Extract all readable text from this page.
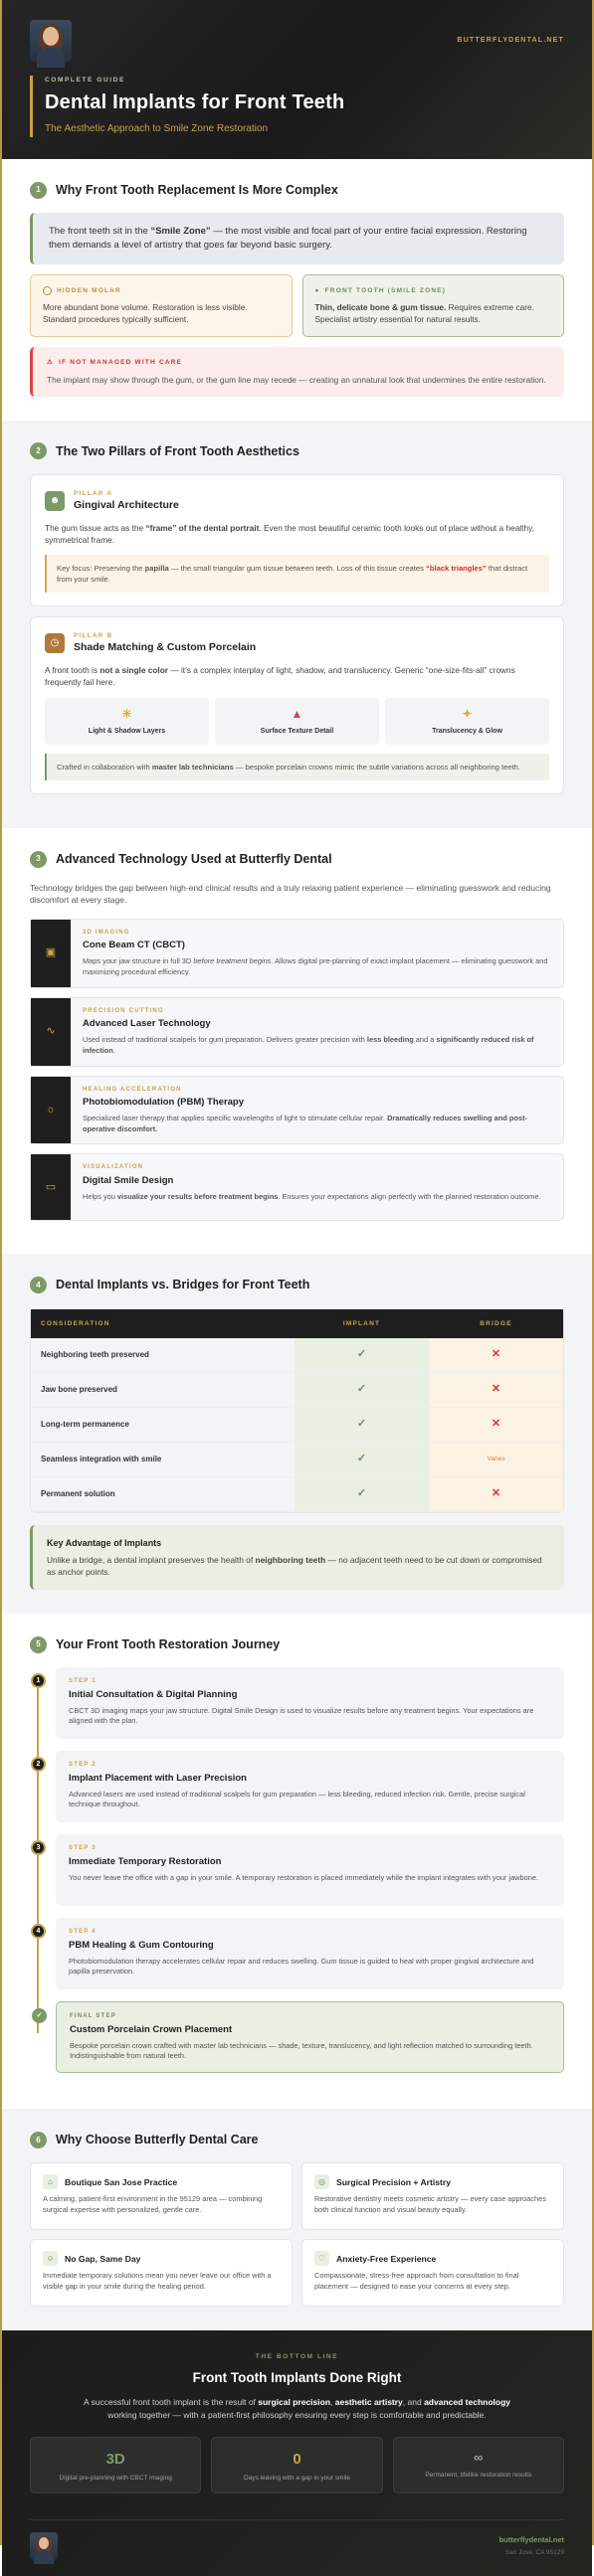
BUTTERFLYDENTAL.NET
COMPLETE GUIDE
Dental Implants for Front Teeth
The Aesthetic Approach to Smile Zone Restoration
1	Why Front Tooth Replacement Is More Complex
The front teeth sit in the “Smile Zone” — the most visible and focal part of your entire facial expression. Restoring them demands a level of artistry that goes far beyond basic surgery.
HIDDEN MOLAR
More abundant bone volume. Restoration is less visible. Standard procedures typically sufficient.
● FRONT TOOTH (SMILE ZONE)
Thin, delicate bone & gum tissue. Requires extreme care. Specialist artistry essential for natural results.
⚠ IF NOT MANAGED WITH CARE
The implant may show through the gum, or the gum line may recede — creating an unnatural look that undermines the entire restoration.
2	The Two Pillars of Front Tooth Aesthetics
☻
PILLAR A
Gingival Architecture

The gum tissue acts as the “frame” of the dental portrait. Even the most beautiful ceramic tooth looks out of place without a healthy, symmetrical frame.

Key focus: Preserving the papilla — the small triangular gum tissue between teeth. Loss of this tissue creates “black triangles” that distract from your smile.
◷
PILLAR B
Shade Matching & Custom Porcelain

A front tooth is not a single color — it’s a complex interplay of light, shadow, and translucency. Generic “one-size-fits-all” crowns frequently fail here.

☀
Light & Shadow Layers
▲
Surface Texture Detail
✦
Translucency & Glow
Crafted in collaboration with master lab technicians — bespoke porcelain crowns mimic the subtle variations across all neighboring teeth.
3	Advanced Technology Used at Butterfly Dental
Technology bridges the gap between high-end clinical results and a truly relaxing patient experience — eliminating guesswork and reducing discomfort at every stage.
▣
3D IMAGING
Cone Beam CT (CBCT)

Maps your jaw structure in full 3D before treatment begins. Allows digital pre-planning of exact implant placement — eliminating guesswork and maximizing procedural efficiency.

∿
PRECISION CUTTING
Advanced Laser Technology

Used instead of traditional scalpels for gum preparation. Delivers greater precision with less bleeding and a significantly reduced risk of infection.

☼
HEALING ACCELERATION
Photobiomodulation (PBM) Therapy

Specialized laser therapy that applies specific wavelengths of light to stimulate cellular repair. Dramatically reduces swelling and post-operative discomfort.

▭
VISUALIZATION
Digital Smile Design

Helps you visualize your results before treatment begins. Ensures your expectations align perfectly with the planned restoration outcome.

4	Dental Implants vs. Bridges for Front Teeth
CONSIDERATION	IMPLANT	BRIDGE
Neighboring teeth preserved	✓	✕
Jaw bone preserved	✓	✕
Long-term permanence	✓	✕
Seamless integration with smile	✓	Varies
Permanent solution	✓	✕
Key Advantage of Implants
Unlike a bridge, a dental implant preserves the health of neighboring teeth — no adjacent teeth need to be cut down or compromised as anchor points.
5	Your Front Tooth Restoration Journey
1	STEP 1
Initial Consultation & Digital Planning

CBCT 3D imaging maps your jaw structure. Digital Smile Design is used to visualize results before any treatment begins. Your expectations are aligned with the plan.

2	STEP 2
Implant Placement with Laser Precision

Advanced lasers are used instead of traditional scalpels for gum preparation — less bleeding, reduced infection risk. Gentle, precise surgical technique throughout.

3	STEP 3
Immediate Temporary Restoration

You never leave the office with a gap in your smile. A temporary restoration is placed immediately while the implant integrates with your jawbone.

4	STEP 4
PBM Healing & Gum Contouring

Photobiomodulation therapy accelerates cellular repair and reduces swelling. Gum tissue is guided to heal with proper gingival architecture and papilla preservation.

✓	FINAL STEP
Custom Porcelain Crown Placement

Bespoke porcelain crown crafted with master lab technicians — shade, texture, translucency, and light reflection matched to surrounding teeth. Indistinguishable from natural teeth.

6	Why Choose Butterfly Dental Care
⌂	Boutique San Jose Practice

A calming, patient-first environment in the 95129 area — combining surgical expertise with personalized, gentle care.

◎	Surgical Precision + Artistry

Restorative dentistry meets cosmetic artistry — every case approaches both clinical function and visual beauty equally.

☺	No Gap, Same Day

Immediate temporary solutions mean you never leave our office with a visible gap in your smile during the healing period.

♡	Anxiety-Free Experience

Compassionate, stress-free approach from consultation to final placement — designed to ease your concerns at every step.

THE BOTTOM LINE
Front Tooth Implants Done Right

A successful front tooth implant is the result of surgical precision, aesthetic artistry, and advanced technology working together — with a patient-first philosophy ensuring every step is comfortable and predictable.

3D
Digital pre-planning with CBCT imaging
0
Days leaving with a gap in your smile
∞
Permanent, lifelike restoration results
butterflydental.net
San Jose, CA 95129
